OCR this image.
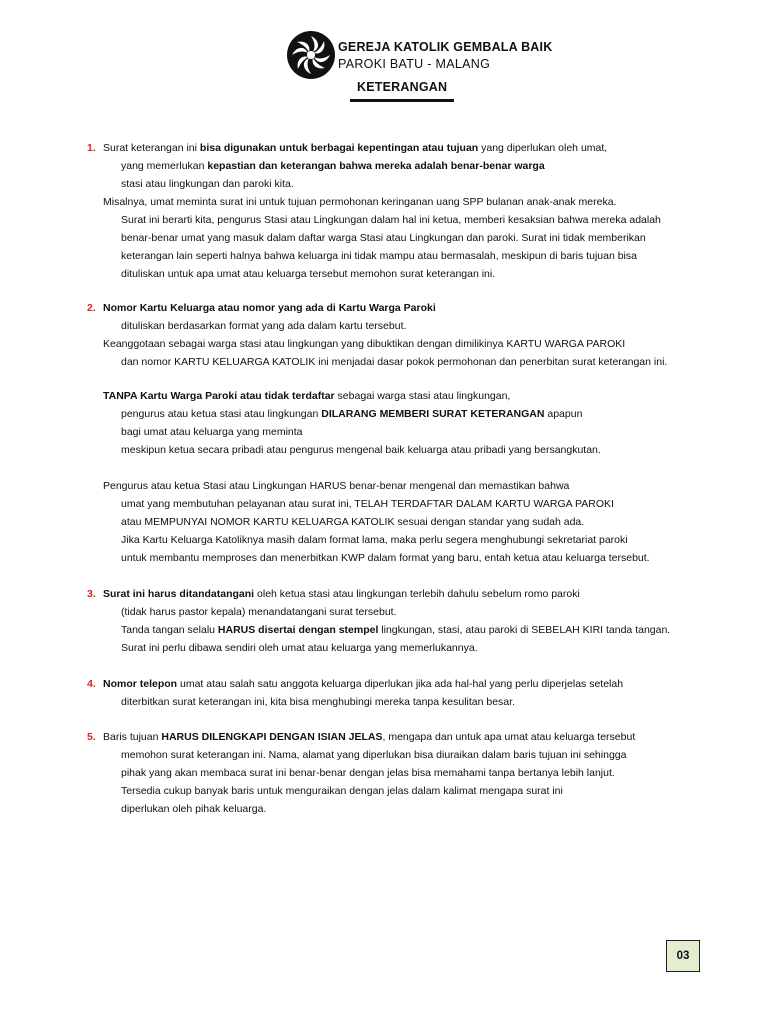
GEREJA KATOLIK GEMBALA BAIK
PAROKI BATU - MALANG
KETERANGAN
1. Surat keterangan ini bisa digunakan untuk berbagai kepentingan atau tujuan yang diperlukan oleh umat,
yang memerlukan kepastian dan keterangan bahwa mereka adalah benar-benar warga
stasi atau lingkungan dan paroki kita.
Misalnya, umat meminta surat ini untuk tujuan permohonan keringanan uang SPP bulanan anak-anak mereka.
Surat ini berarti kita, pengurus Stasi atau Lingkungan dalam hal ini ketua, memberi kesaksian bahwa mereka adalah
benar-benar umat yang masuk dalam daftar warga Stasi atau Lingkungan dan paroki. Surat ini tidak memberikan
keterangan lain seperti halnya bahwa keluarga ini tidak mampu atau bermasalah, meskipun di baris tujuan bisa
dituliskan untuk apa umat atau keluarga tersebut memohon surat keterangan ini.
2. Nomor Kartu Keluarga atau nomor yang ada di Kartu Warga Paroki
dituliskan berdasarkan format yang ada dalam kartu tersebut.
Keanggotaan sebagai warga stasi atau lingkungan yang dibuktikan dengan dimilikinya KARTU WARGA PAROKI
dan nomor KARTU KELUARGA KATOLIK ini menjadai dasar pokok permohonan dan penerbitan surat keterangan ini.
TANPA Kartu Warga Paroki atau tidak terdaftar sebagai warga stasi atau lingkungan,
pengurus atau ketua stasi atau lingkungan DILARANG MEMBERI SURAT KETERANGAN apapun
bagi umat atau keluarga yang meminta
meskipun ketua secara pribadi atau pengurus mengenal baik keluarga atau pribadi yang bersangkutan.
Pengurus atau ketua Stasi atau Lingkungan HARUS benar-benar mengenal dan memastikan bahwa
umat yang membutuhan pelayanan atau surat ini, TELAH TERDAFTAR DALAM KARTU WARGA PAROKI
atau MEMPUNYAI NOMOR KARTU KELUARGA KATOLIK sesuai dengan standar yang sudah ada.
Jika Kartu Keluarga Katoliknya masih dalam format lama, maka perlu segera menghubungi sekretariat paroki
untuk membantu memproses dan menerbitkan KWP dalam format yang baru, entah ketua atau keluarga tersebut.
3. Surat ini harus ditandatangani oleh ketua stasi atau lingkungan terlebih dahulu sebelum romo paroki
(tidak harus pastor kepala) menandatangani surat tersebut.
Tanda tangan selalu HARUS disertai dengan stempel lingkungan, stasi, atau paroki di SEBELAH KIRI tanda tangan.
Surat ini perlu dibawa sendiri oleh umat atau keluarga yang memerlukannya.
4. Nomor telepon umat atau salah satu anggota keluarga diperlukan jika ada hal-hal yang perlu diperjelas setelah
diterbitkan surat keterangan ini, kita bisa menghubingi mereka tanpa kesulitan besar.
5. Baris tujuan HARUS DILENGKAPI DENGAN ISIAN JELAS, mengapa dan untuk apa umat atau keluarga tersebut
memohon surat keterangan ini. Nama, alamat yang diperlukan bisa diuraikan dalam baris tujuan ini sehingga
pihak yang akan membaca surat ini benar-benar dengan jelas bisa memahami tanpa bertanya lebih lanjut.
Tersedia cukup banyak baris untuk menguraikan dengan jelas dalam kalimat mengapa surat ini
diperlukan oleh pihak keluarga.
03
